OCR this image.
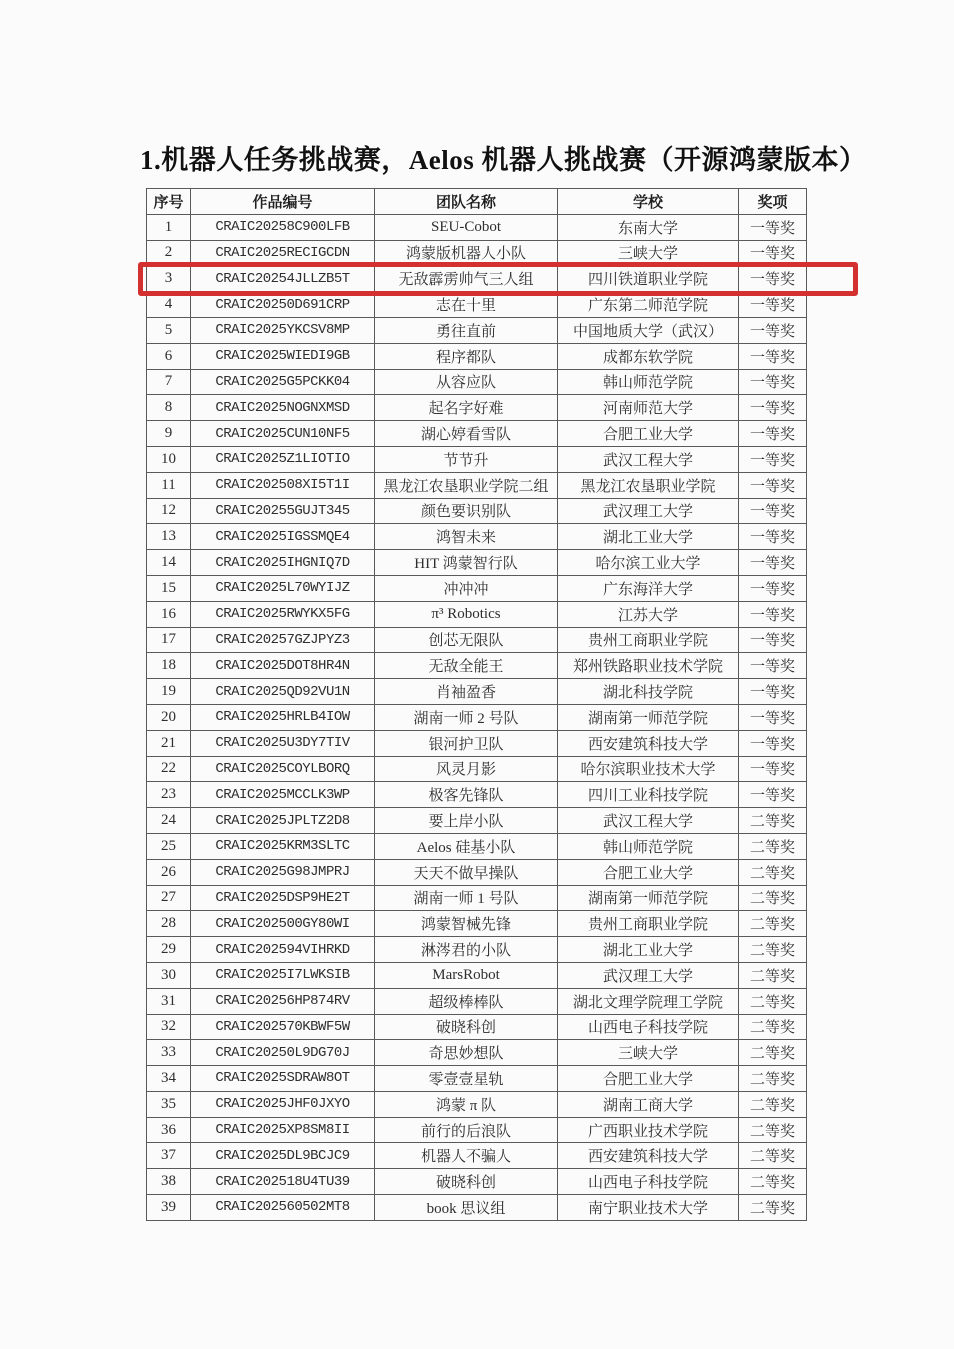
1.机器人任务挑战赛，Aelos 机器人挑战赛（开源鸿蒙版本）
序号	作品编号	团队名称	学校	奖项
1	CRAIC20258C900LFB	SEU-Cobot	东南大学	一等奖
2	CRAIC2025RECIGCDN	鸿蒙版机器人小队	三峡大学	一等奖
3	CRAIC20254JLLZB5T	无敌霹雳帅气三人组	四川铁道职业学院	一等奖
4	CRAIC20250D691CRP	志在十里	广东第二师范学院	一等奖
5	CRAIC2025YKCSV8MP	勇往直前	中国地质大学（武汉）	一等奖
6	CRAIC2025WIEDI9GB	程序都队	成都东软学院	一等奖
7	CRAIC2025G5PCKK04	从容应队	韩山师范学院	一等奖
8	CRAIC2025NOGNXMSD	起名字好难	河南师范大学	一等奖
9	CRAIC2025CUN10NF5	湖心婷看雪队	合肥工业大学	一等奖
10	CRAIC2025Z1LIOTIO	节节升	武汉工程大学	一等奖
11	CRAIC202508XI5T1I	黑龙江农垦职业学院二组	黑龙江农垦职业学院	一等奖
12	CRAIC20255GUJT345	颜色要识别队	武汉理工大学	一等奖
13	CRAIC2025IGSSMQE4	鸿智未来	湖北工业大学	一等奖
14	CRAIC2025IHGNIQ7D	HIT 鸿蒙智行队	哈尔滨工业大学	一等奖
15	CRAIC2025L70WYIJZ	冲冲冲	广东海洋大学	一等奖
16	CRAIC2025RWYKX5FG	π³ Robotics	江苏大学	一等奖
17	CRAIC20257GZJPYZ3	创芯无限队	贵州工商职业学院	一等奖
18	CRAIC2025DOT8HR4N	无敌全能王	郑州铁路职业技术学院	一等奖
19	CRAIC2025QD92VU1N	肖袖盈香	湖北科技学院	一等奖
20	CRAIC2025HRLB4IOW	湖南一师 2 号队	湖南第一师范学院	一等奖
21	CRAIC2025U3DY7TIV	银河护卫队	西安建筑科技大学	一等奖
22	CRAIC2025COYLBORQ	风灵月影	哈尔滨职业技术大学	一等奖
23	CRAIC2025MCCLK3WP	极客先锋队	四川工业科技学院	一等奖
24	CRAIC2025JPLTZ2D8	要上岸小队	武汉工程大学	二等奖
25	CRAIC2025KRM3SLTC	Aelos 硅基小队	韩山师范学院	二等奖
26	CRAIC2025G98JMPRJ	天天不做早操队	合肥工业大学	二等奖
27	CRAIC2025DSP9HE2T	湖南一师 1 号队	湖南第一师范学院	二等奖
28	CRAIC202500GY80WI	鸿蒙智械先锋	贵州工商职业学院	二等奖
29	CRAIC202594VIHRKD	淋涔君的小队	湖北工业大学	二等奖
30	CRAIC2025I7LWKSIB	MarsRobot	武汉理工大学	二等奖
31	CRAIC20256HP874RV	超级棒棒队	湖北文理学院理工学院	二等奖
32	CRAIC202570KBWF5W	破晓科创	山西电子科技学院	二等奖
33	CRAIC20250L9DG70J	奇思妙想队	三峡大学	二等奖
34	CRAIC2025SDRAW8OT	零壹壹星轨	合肥工业大学	二等奖
35	CRAIC2025JHF0JXYO	鸿蒙 π 队	湖南工商大学	二等奖
36	CRAIC2025XP8SM8II	前行的后浪队	广西职业技术学院	二等奖
37	CRAIC2025DL9BCJC9	机器人不骗人	西安建筑科技大学	二等奖
38	CRAIC202518U4TU39	破晓科创	山西电子科技学院	二等奖
39	CRAIC202560502MT8	book 思议组	南宁职业技术大学	二等奖
